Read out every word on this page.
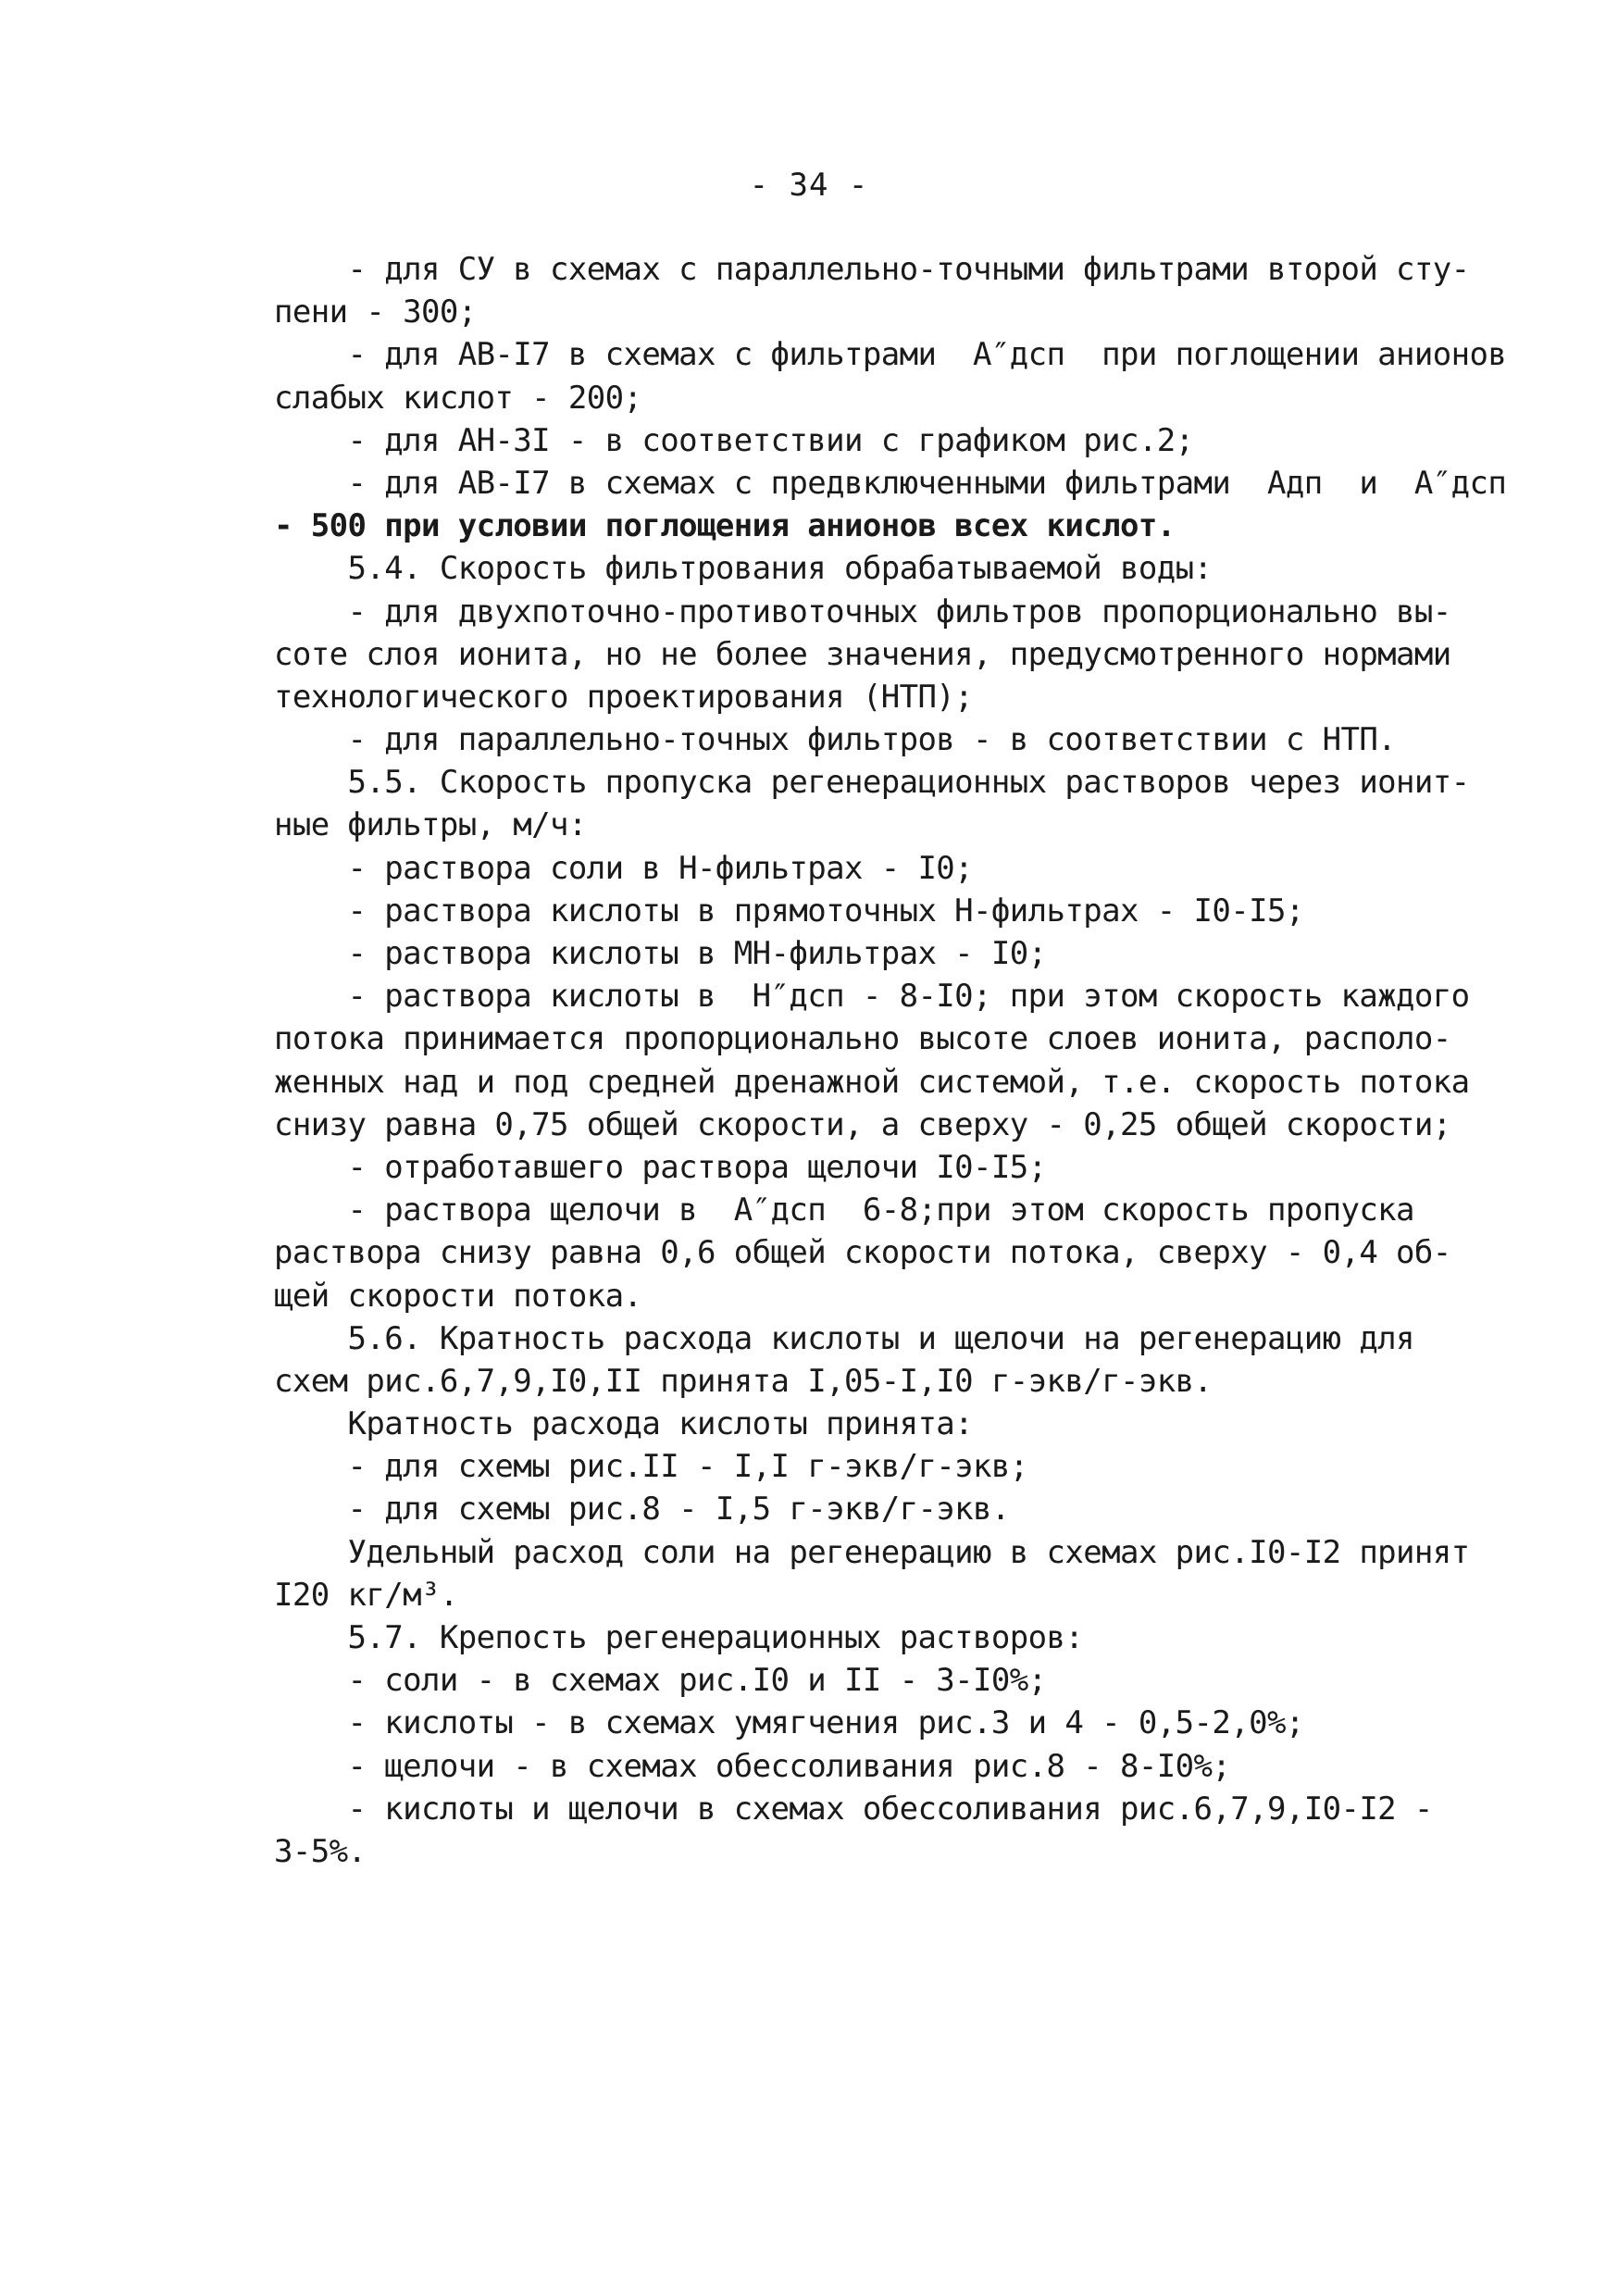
- 34 -
- для СУ в схемах с параллельно-точными фильтрами второй сту-
пени - 300;
- для АВ-I7 в схемах с фильтрами  A″дсп  при поглощении анионов
слабых кислот - 200;
- для АН-3I - в соответствии с графиком рис.2;
- для АВ-I7 в схемах с предвключенными фильтрами  Aдп  и  A″дсп
- 500 при условии поглощения анионов всех кислот.
5.4. Скорость фильтрования обрабатываемой воды:
- для двухпоточно-противоточных фильтров пропорционально вы-
соте слоя ионита, но не более значения, предусмотренного нормами
технологического проектирования (НТП);
- для параллельно-точных фильтров - в соответствии с НТП.
5.5. Скорость пропуска регенерационных растворов через ионит-
ные фильтры, м/ч:
- раствора соли в Н-фильтрах - I0;
- раствора кислоты в прямоточных Н-фильтрах - I0-I5;
- раствора кислоты в МН-фильтрах - I0;
- раствора кислоты в  H″дсп - 8-I0; при этом скорость каждого
потока принимается пропорционально высоте слоев ионита, располо-
женных над и под средней дренажной системой, т.е. скорость потока
снизу равна 0,75 общей скорости, а сверху - 0,25 общей скорости;
- отработавшего раствора щелочи I0-I5;
- раствора щелочи в  A″дсп  6-8;при этом скорость пропуска
раствора снизу равна 0,6 общей скорости потока, сверху - 0,4 об-
щей скорости потока.
5.6. Кратность расхода кислоты и щелочи на регенерацию для
схем рис.6,7,9,I0,II принята I,05-I,I0 г-экв/г-экв.
Кратность расхода кислоты принята:
- для схемы рис.II - I,I г-экв/г-экв;
- для схемы рис.8 - I,5 г-экв/г-экв.
Удельный расход соли на регенерацию в схемах рис.I0-I2 принят
I20 кг/м³.
5.7. Крепость регенерационных растворов:
- соли - в схемах рис.I0 и II - 3-I0%;
- кислоты - в схемах умягчения рис.3 и 4 - 0,5-2,0%;
- щелочи - в схемах обессоливания рис.8 - 8-I0%;
- кислоты и щелочи в схемах обессоливания рис.6,7,9,I0-I2 -
3-5%.
